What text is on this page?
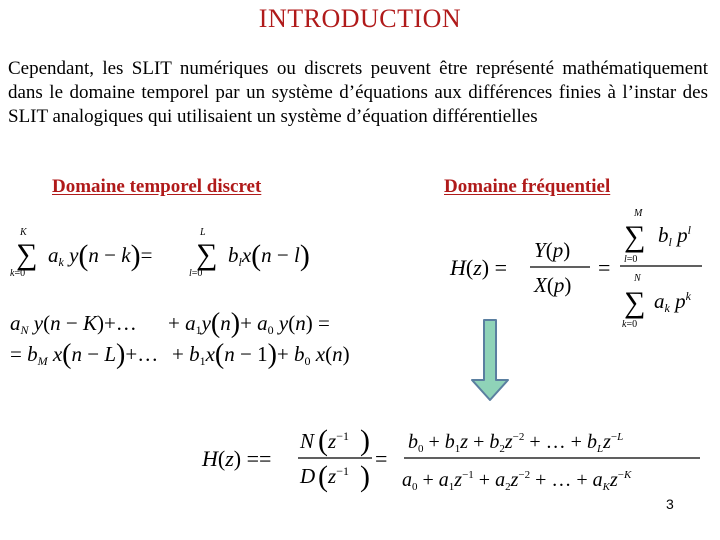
INTRODUCTION
Cependant, les SLIT numériques ou discrets peuvent être représenté mathématiquement dans le domaine temporel par un système d’équations aux différences finies à l’instar des SLIT analogiques qui utilisaient un système d’équation différentielles
Domaine temporel discret	Domaine fréquentiel
∑
K
k=0
ak y(n − k)= ∑
L
l=0
blx(n − l)
aN y(n − K)+… + a1y(n)+ a0 y(n) =
= bM x(n − L)+… + b1x(n − 1)+ b0 x(n)
H(z) =
Y(p)
X(p)
=
M
∑ bl $p^l$
l=0
N
∑ ak $p^k$
k=0
H(z) ==
N ( $z^{-1}$ )
D ( $z^{-1}$ )
=
$b_0 + b_1z + b_2z^{-2}$ + … + $b_Lz^-L$
$a_0 + a_1z^{-1} + a_2z^{-2}$ + … + $a_Kz^-K$
3
